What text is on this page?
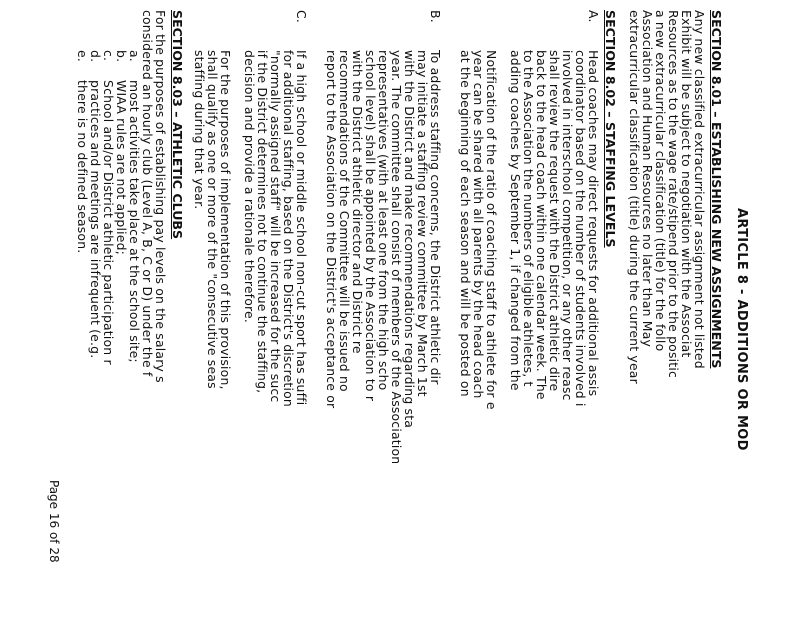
ARTICLE 8 - ADDITIONS OR MOD
SECTION 8.01 – ESTABLISHING NEW ASSIGNMENTS
Any new classified extracurricular assignment not listed
Exhibit will be subject to negotiation with the Associat
Resources as to the wage rate/stipend prior to the positic
a new extracurricular classification (title) for the follo
Association and Human Resources no later than May
extracurricular classification (title) during the current year
SECTION 8.02 – STAFFING LEVELS
A.
Head coaches may direct requests for additional assis
coordinator based on the number of students involved i
involved in interschool competition, or any other reasc
shall review the request with the District athletic dire
back to the head coach within one calendar week. The
to the Association the numbers of eligible athletes, t
adding coaches by September 1, if changed from the
Notification of the ratio of coaching staff to athlete for e
year can be shared with all parents by the head coach
at the beginning of each season and will be posted on
B.
To address staffing concerns, the District athletic dir
may initiate a staffing review committee by March 1st
with the District and make recommendations regarding sta
year. The committee shall consist of members of the Association
representatives (with at least one from the high scho
school level) shall be appointed by the Association to r
with the District athletic director and District re
recommendations of the Committee will be issued no
report to the Association on the District's acceptance or
C.
If a high school or middle school non-cut sport has suffi
for additional staffing, based on the District's discretion
"normally assigned staff" will be increased for the succ
if the District determines not to continue the staffing,
decision and provide a rationale therefore.
For the purposes of implementation of this provision,
shall qualify as one or more of the "consecutive seas
staffing during that year.
SECTION 8.03 – ATHLETIC CLUBS
For the purposes of establishing pay levels on the salary s
considered an hourly club (Level A, B, C or D) under the f
a.
most activities take place at the school site;
b.
WIAA rules are not applied;
c.
School and/or District athletic participation r
d.
practices and meetings are infrequent (e.g.
e.
there is no defined season.
Page 16 of 28
